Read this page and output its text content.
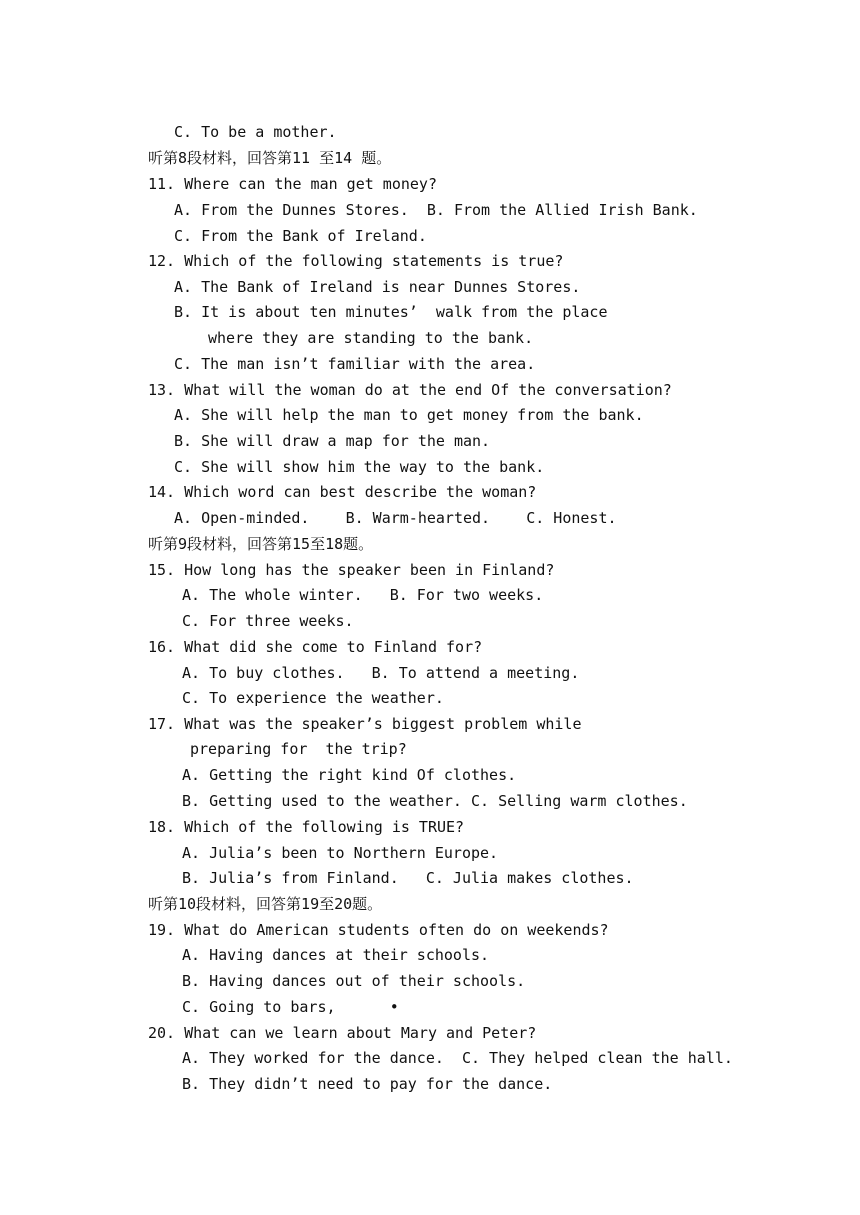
C. To be a mother.
听第8段材料，回答第11 至14 题。
11. Where can the man get money?
A. From the Dunnes Stores.  B. From the Allied Irish Bank.
C. From the Bank of Ireland.
12. Which of the following statements is true?
A. The Bank of Ireland is near Dunnes Stores.
B. It is about ten minutes’  walk from the place
where they are standing to the bank.
C. The man isn’t familiar with the area.
13. What will the woman do at the end Of the conversation?
A. She will help the man to get money from the bank.
B. She will draw a map for the man.
C. She will show him the way to the bank.
14. Which word can best describe the woman?
A. Open-minded.    B. Warm-hearted.    C. Honest.
听第9段材料，回答第15至18题。
15. How long has the speaker been in Finland?
A. The whole winter.   B. For two weeks.
C. For three weeks.
16. What did she come to Finland for?
A. To buy clothes.   B. To attend a meeting.
C. To experience the weather.
17. What was the speaker’s biggest problem while
preparing for  the trip?
A. Getting the right kind Of clothes.
B. Getting used to the weather. C. Selling warm clothes.
18. Which of the following is TRUE?
A. Julia’s been to Northern Europe.
B. Julia’s from Finland.   C. Julia makes clothes.
听第10段材料，回答第19至20题。
19. What do American students often do on weekends?
A. Having dances at their schools.
B. Having dances out of their schools.
C. Going to bars,      •
20. What can we learn about Mary and Peter?
A. They worked for the dance.  C. They helped clean the hall.
B. They didn’t need to pay for the dance.
